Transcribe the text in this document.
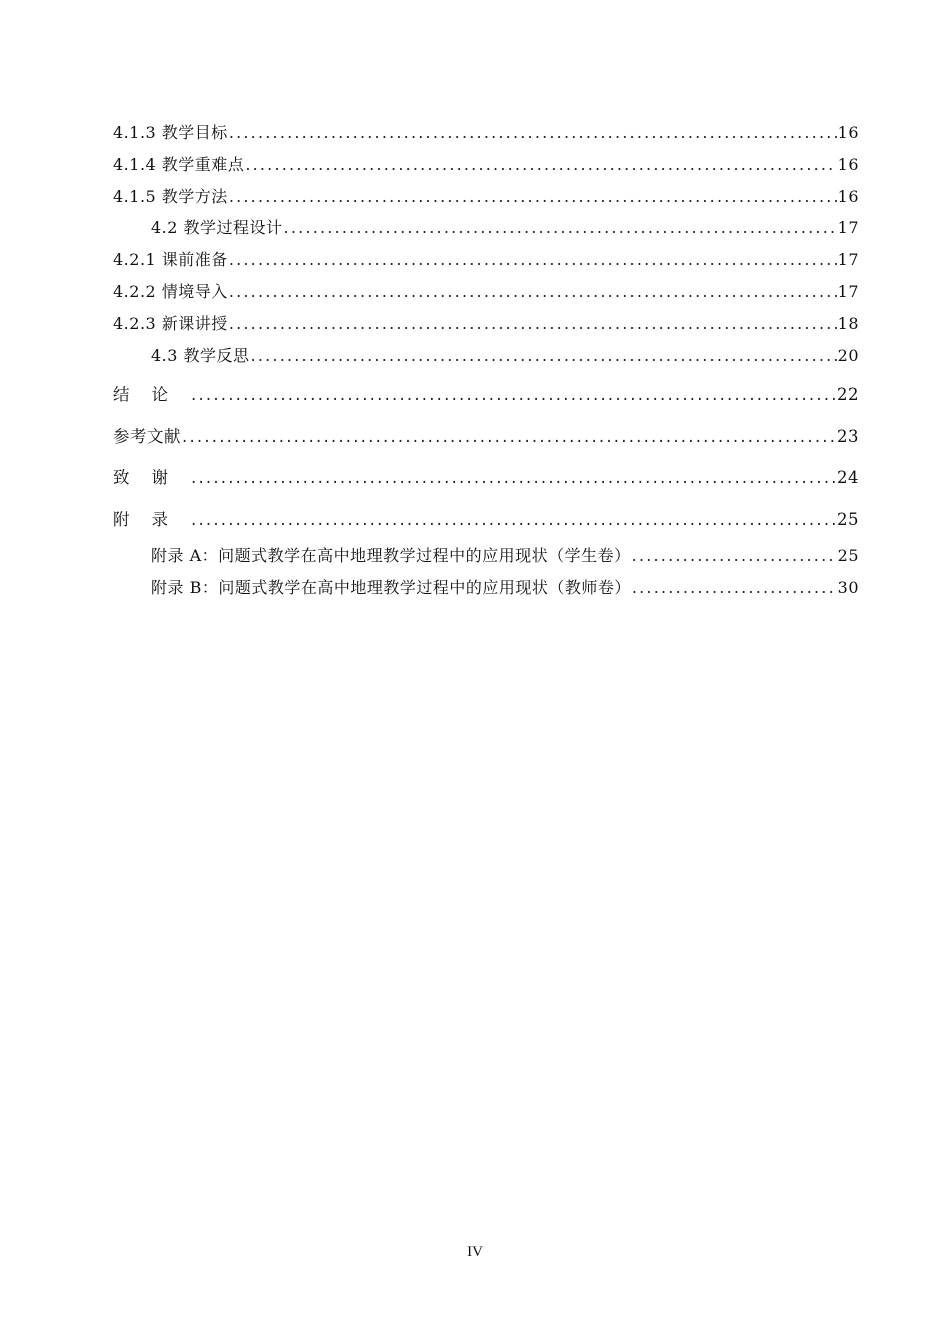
4.1.3 教学目标 .....	16
4.1.4 教学重难点 .....	16
4.1.5 教学方法 .....	16
4.2 教学过程设计 .....	17
4.2.1 课前准备 .....	17
4.2.2 情境导入 .....	17
4.2.3 新课讲授 .....	18
4.3 教学反思 .....	20
结论 .....	22
参考文献 .....	23
致谢 .....	24
附录 .....	25
附录 A：问题式教学在高中地理教学过程中的应用现状（学生卷） .....	25
附录 B：问题式教学在高中地理教学过程中的应用现状（教师卷） .....	30
IV
